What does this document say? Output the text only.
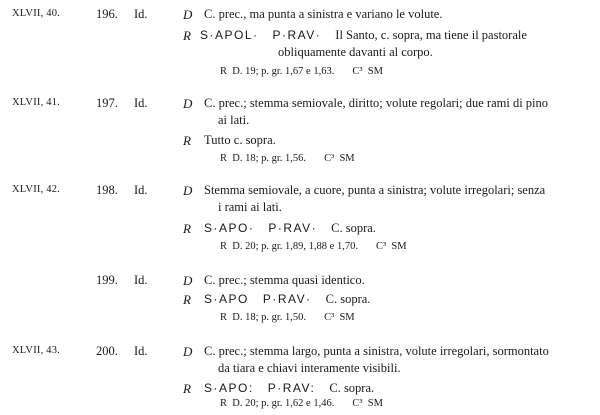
XLVII, 40.	196. Id.	D C. prec., ma punta a sinistra e variano le volute.
R S·APOL· P·RAV· Il Santo, c. sopra, ma tiene il pastorale
obliquamente davanti al corpo.
R D. 19; p. gr. 1,67 e 1,63. C³ SM
XLVII, 41.	197. Id.	D C. prec.; stemma semiovale, diritto; volute regolari; due rami di pino
ai lati.
R Tutto c. sopra.
R D. 18; p. gr. 1,56. C³ SM
XLVII, 42.	198. Id.	D Stemma semiovale, a cuore, punta a sinistra; volute irregolari; senza
i rami ai lati.
R S·APO· P·RAV· C. sopra.
R D. 20; p. gr. 1,89, 1,88 e 1,70. C³ SM
199. Id.	D C. prec.; stemma quasi identico.
R S·APO P·RAV· C. sopra.
R D. 18; p. gr. 1,50. C³ SM
XLVII, 43.	200. Id.	D C. prec.; stemma largo, punta a sinistra, volute irregolari, sormontato
da tiara e chiavi interamente visibili.
R S·APO: P·RAV: C. sopra.
R D. 20; p. gr. 1,62 e 1,46. C³ SM
